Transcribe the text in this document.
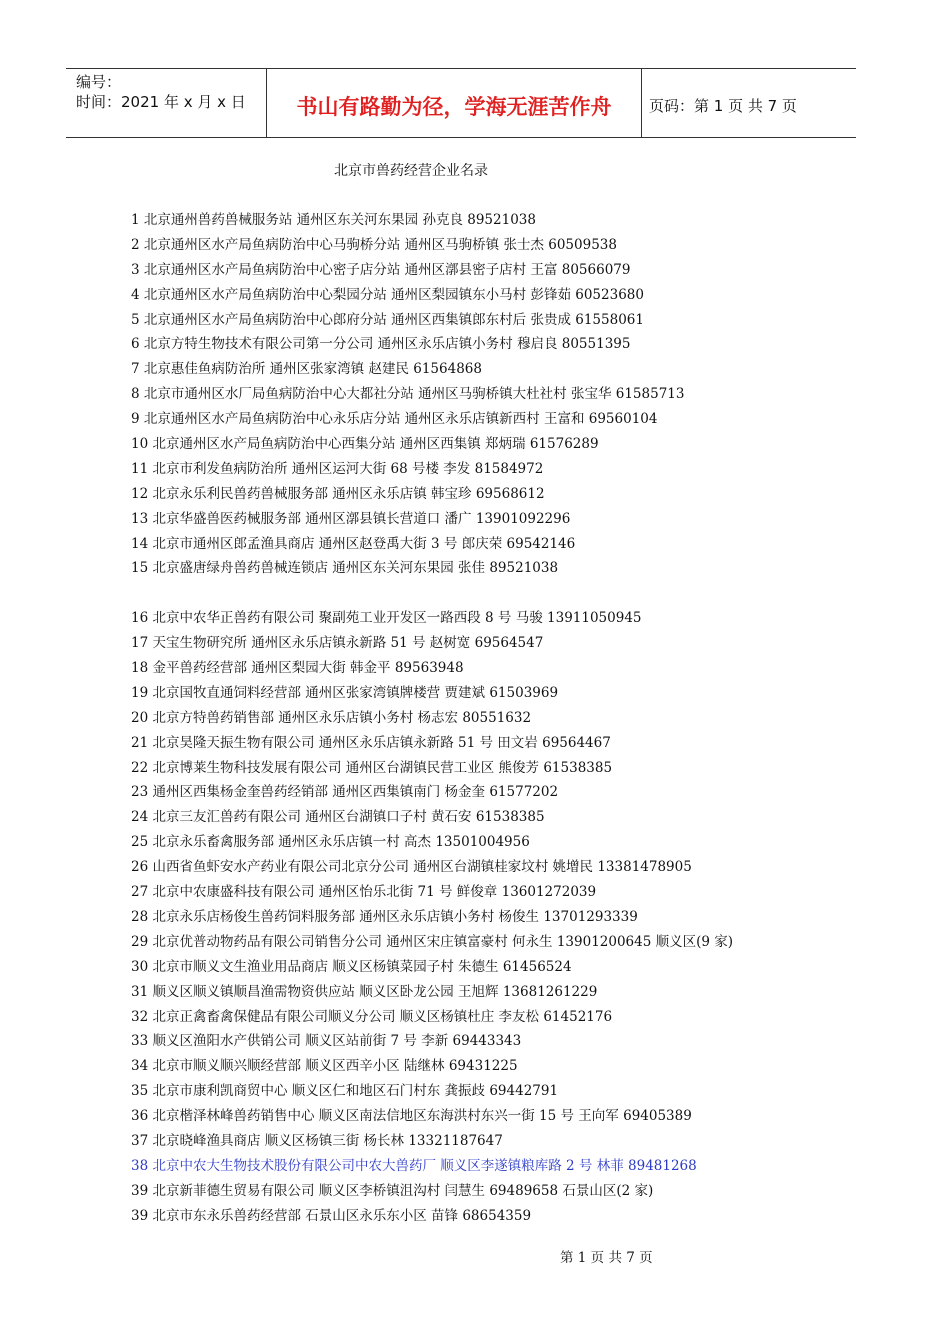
编号：
时间：2021 年 x 月 x 日	书山有路勤为径，学海无涯苦作舟	页码：第 1 页 共 7 页
北京市兽药经营企业名录
1 北京通州兽药兽械服务站 通州区东关河东果园 孙克良 89521038
2 北京通州区水产局鱼病防治中心马驹桥分站 通州区马驹桥镇 张士杰 60509538
3 北京通州区水产局鱼病防治中心密子店分站 通州区漷县密子店村 王富 80566079
4 北京通州区水产局鱼病防治中心梨园分站 通州区梨园镇东小马村 彭锋茹 60523680
5 北京通州区水产局鱼病防治中心郎府分站 通州区西集镇郎东村后 张贵成 61558061
6 北京方特生物技术有限公司第一分公司 通州区永乐店镇小务村 穆启良 80551395
7 北京惠佳鱼病防治所 通州区张家湾镇 赵建民 61564868
8 北京市通州区水厂局鱼病防治中心大都社分站 通州区马驹桥镇大杜社村 张宝华 61585713
9 北京通州区水产局鱼病防治中心永乐店分站 通州区永乐店镇新西村 王富和 69560104
10 北京通州区水产局鱼病防治中心西集分站 通州区西集镇 郑炳瑞 61576289
11 北京市利发鱼病防治所 通州区运河大街 68 号楼 李发 81584972
12 北京永乐利民兽药兽械服务部 通州区永乐店镇 韩宝珍 69568612
13 北京华盛兽医药械服务部 通州区漷县镇长营道口 潘广 13901092296
14 北京市通州区郎孟渔具商店 通州区赵登禹大街 3 号 郎庆荣 69542146
15 北京盛唐绿舟兽药兽械连锁店 通州区东关河东果园 张佳 89521038
16 北京中农华正兽药有限公司 聚副苑工业开发区一路西段 8 号 马骏 13911050945
17 天宝生物研究所 通州区永乐店镇永新路 51 号 赵树宽 69564547
18 金平兽药经营部 通州区梨园大街 韩金平 89563948
19 北京国牧直通饲料经营部 通州区张家湾镇牌楼营 贾建斌 61503969
20 北京方特兽药销售部 通州区永乐店镇小务村 杨志宏 80551632
21 北京昊隆天振生物有限公司 通州区永乐店镇永新路 51 号 田文岩 69564467
22 北京博莱生物科技发展有限公司 通州区台湖镇民营工业区 熊俊芳 61538385
23 通州区西集杨金奎兽药经销部 通州区西集镇南门 杨金奎 61577202
24 北京三友汇兽药有限公司 通州区台湖镇口子村 黄石安 61538385
25 北京永乐畜禽服务部 通州区永乐店镇一村 高杰 13501004956
26 山西省鱼虾安水产药业有限公司北京分公司 通州区台湖镇桂家坟村 姚增民 13381478905
27 北京中农康盛科技有限公司 通州区怡乐北街 71 号 鲜俊章 13601272039
28 北京永乐店杨俊生兽药饲料服务部 通州区永乐店镇小务村 杨俊生 13701293339
29 北京优普动物药品有限公司销售分公司 通州区宋庄镇富豪村 何永生 13901200645 顺义区(9 家)
30 北京市顺义文生渔业用品商店 顺义区杨镇菜园子村 朱德生 61456524
31 顺义区顺义镇顺昌渔需物资供应站 顺义区卧龙公园 王旭辉 13681261229
32 北京正禽畜禽保健品有限公司顺义分公司 顺义区杨镇杜庄 李友松 61452176
33 顺义区渔阳水产供销公司 顺义区站前街 7 号 李新 69443343
34 北京市顺义顺兴顺经营部 顺义区西辛小区 陆继林 69431225
35 北京市康利凯商贸中心 顺义区仁和地区石门村东 龚振歧 69442791
36 北京楷泽林峰兽药销售中心 顺义区南法信地区东海洪村东兴一街 15 号 王向军 69405389
37 北京晓峰渔具商店 顺义区杨镇三街 杨长林 13321187647
38 北京中农大生物技术股份有限公司中农大兽药厂 顺义区李遂镇粮库路 2 号 林菲 89481268
39 北京新菲德生贸易有限公司 顺义区李桥镇沮沟村 闫慧生 69489658 石景山区(2 家)
39 北京市东永乐兽药经营部 石景山区永乐东小区 苗锋 68654359
第 1 页 共 7 页
